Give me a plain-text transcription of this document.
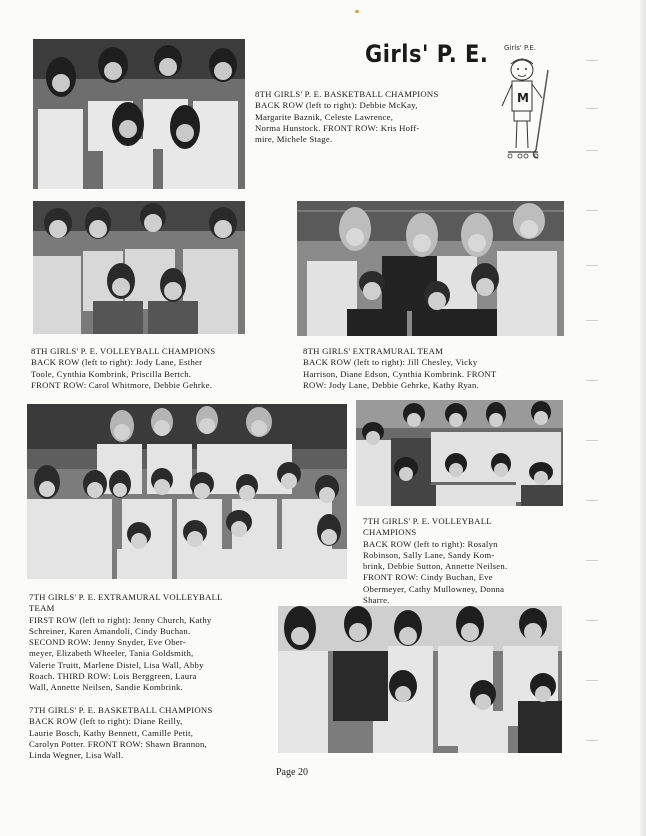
Girls' P. E. Girls' P.E.
M

8TH GIRLS' P. E. BASKETBALL CHAMPIONS

BACK ROW (left to right): Debbie McKay,

Margarite Baznik, Celeste Lawrence,

Norma Hunstock. FRONT ROW: Kris Hoff-

mire, Michele Stage.

8TH GIRLS' P. E. VOLLEYBALL CHAMPIONS

BACK ROW (left to right): Jody Lane, Esther

Toole, Cynthia Kombrink, Priscilla Bertch.

FRONT ROW: Carol Whitmore, Debbie Gehrke.

8TH GIRLS' EXTRAMURAL TEAM

BACK ROW (left to right): Jill Chesley, Vicky

Harrison, Diane Edson, Cynthia Kombrink. FRONT

ROW: Jody Lane, Debbie Gehrke, Kathy Ryan.

7TH GIRLS' P. E. VOLLEYBALL

CHAMPIONS

BACK ROW (left to right): Rosalyn

Robinson, Sally Lane, Sandy Kom-

brink, Debbie Sutton, Annette Neilsen.

FRONT ROW: Cindy Buchan, Eve

Obermeyer, Cathy Mullowney, Donna

Sharre.

7TH GIRLS' P. E. EXTRAMURAL VOLLEYBALL

TEAM

FIRST ROW (left to right): Jenny Church, Kathy

Schreiner, Karen Amandoli, Cindy Buchan.

SECOND ROW: Jenny Snyder, Eve Ober-

meyer, Elizabeth Wheeler, Tania Goldsmith,

Valerie Truitt, Marlene Distel, Lisa Wall, Abby

Roach. THIRD ROW: Lois Berggreen, Laura

Wall, Annette Neilsen, Sandie Kombrink.

7TH GIRLS' P. E. BASKETBALL CHAMPIONS

BACK ROW (left to right): Diane Reilly,

Laurie Bosch, Kathy Bennett, Camille Petit,

Carolyn Potter. FRONT ROW: Shawn Brannon,

Linda Wegner, Lisa Wall.

Page 20
